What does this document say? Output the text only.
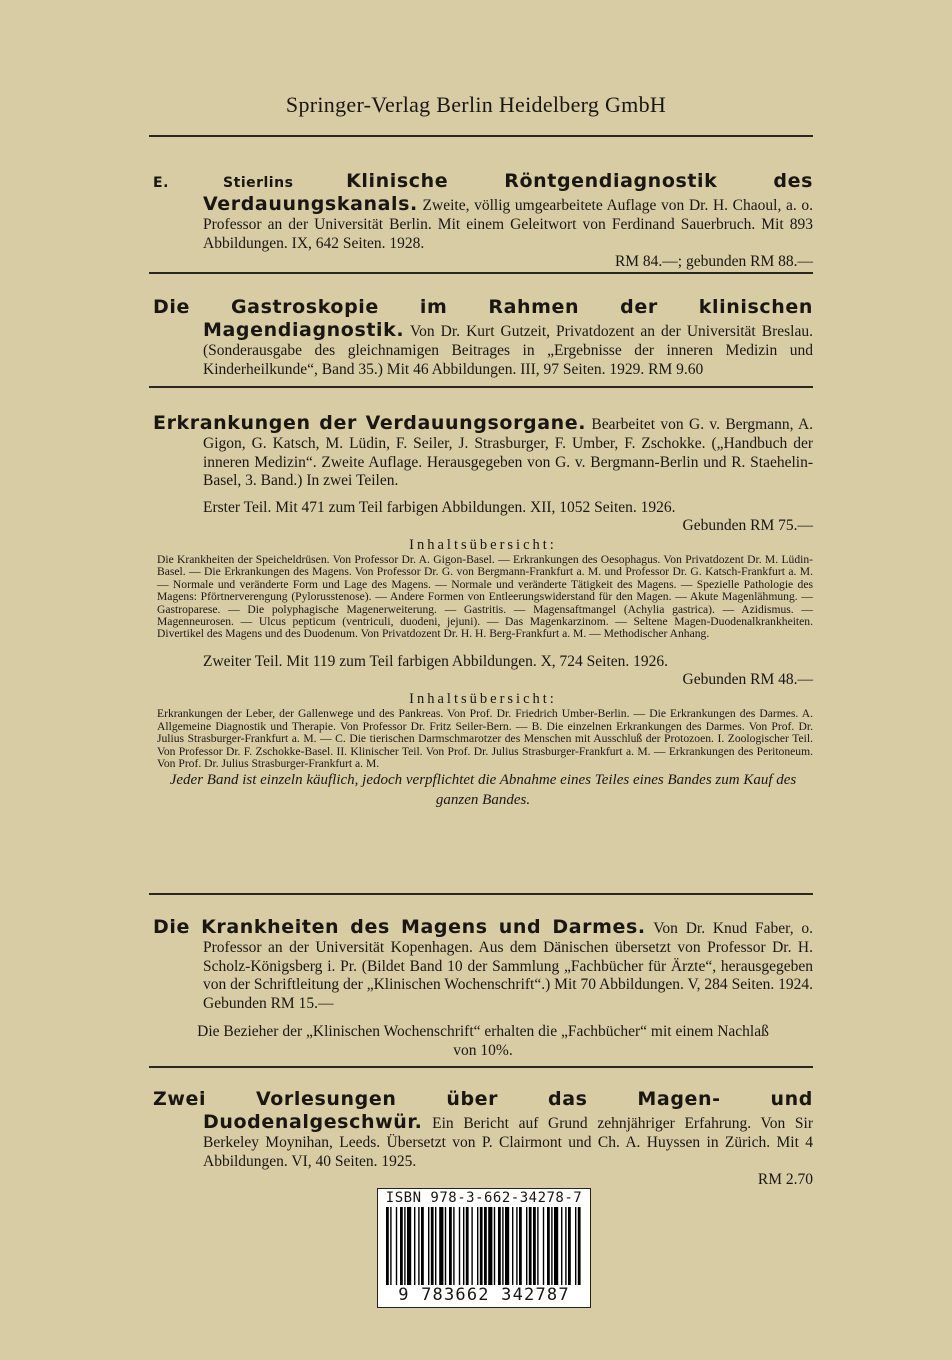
Springer-Verlag Berlin Heidelberg GmbH

E. Stierlins	Klinische Röntgendiagnostik des Verdauungskanals. Zweite, völlig umgearbeitete Auflage von Dr. H. Chaoul, a. o. Professor an der Universität Berlin. Mit einem Geleitwort von Ferdinand Sauerbruch. Mit 893 Abbildungen. IX, 642 Seiten. 1928.

RM 84.—; gebunden RM 88.—

Die Gastroskopie im Rahmen der klinischen Magendiagnostik. Von Dr. Kurt Gutzeit, Privatdozent an der Universität Breslau. (Sonderausgabe des gleichnamigen Beitrages in „Ergebnisse der inneren Medizin und Kinderheilkunde“, Band 35.) Mit 46 Abbildungen. III, 97 Seiten. 1929. RM 9.60

Erkrankungen der Verdauungsorgane. Bearbeitet von G. v. Bergmann, A. Gigon, G. Katsch, M. Lüdin, F. Seiler, J. Strasburger, F. Umber, F. Zschokke. („Handbuch der inneren Medizin“. Zweite Auflage. Herausgegeben von G. v. Bergmann-Berlin und R. Staehelin-Basel, 3. Band.) In zwei Teilen.

Erster Teil. Mit 471 zum Teil farbigen Abbildungen. XII, 1052 Seiten. 1926.

Gebunden RM 75.—

Inhaltsübersicht:

Die Krankheiten der Speicheldrüsen. Von Professor Dr. A. Gigon-Basel. — Erkrankungen des Oesophagus. Von Privatdozent Dr. M. Lüdin-Basel. — Die Erkrankungen des Magens. Von Professor Dr. G. von Bergmann-Frankfurt a. M. und Professor Dr. G. Katsch-Frankfurt a. M. — Normale und veränderte Form und Lage des Magens. — Normale und veränderte Tätigkeit des Magens. — Spezielle Pathologie des Magens: Pförtnerverengung (Pylorusstenose). — Andere Formen von Entleerungswiderstand für den Magen. — Akute Magenlähmung. — Gastroparese. — Die polyphagische Magenerweiterung. — Gastritis. — Magensaftmangel (Achylia gastrica). — Azidismus. — Magenneurosen. — Ulcus pepticum (ventriculi, duodeni, jejuni). — Das Magenkarzinom. — Seltene Magen-Duodenalkrankheiten. Divertikel des Magens und des Duodenum. Von Privatdozent Dr. H. H. Berg-Frankfurt a. M. — Methodischer Anhang.

Zweiter Teil. Mit 119 zum Teil farbigen Abbildungen. X, 724 Seiten. 1926.

Gebunden RM 48.—

Inhaltsübersicht:

Erkrankungen der Leber, der Gallenwege und des Pankreas. Von Prof. Dr. Friedrich Umber-Berlin. — Die Erkrankungen des Darmes. A. Allgemeine Diagnostik und Therapie. Von Professor Dr. Fritz Seiler-Bern. — B. Die einzelnen Erkrankungen des Darmes. Von Prof. Dr. Julius Strasburger-Frankfurt a. M. — C. Die tierischen Darmschmarotzer des Menschen mit Ausschluß der Protozoen. I. Zoologischer Teil. Von Professor Dr. F. Zschokke-Basel. II. Klinischer Teil. Von Prof. Dr. Julius Strasburger-Frankfurt a. M. — Erkrankungen des Peritoneum. Von Prof. Dr. Julius Strasburger-Frankfurt a. M.

Jeder Band ist einzeln käuflich, jedoch verpflichtet die Abnahme eines Teiles eines Bandes zum Kauf des ganzen Bandes.

Die Krankheiten des Magens und Darmes. Von Dr. Knud Faber, o. Professor an der Universität Kopenhagen. Aus dem Dänischen übersetzt von Professor Dr. H. Scholz-Königsberg i. Pr. (Bildet Band 10 der Sammlung „Fachbücher für Ärzte“, herausgegeben von der Schriftleitung der „Klinischen Wochenschrift“.) Mit 70 Abbildungen. V, 284 Seiten. 1924. Gebunden RM 15.—

Die Bezieher der „Klinischen Wochenschrift“ erhalten die „Fachbücher“ mit einem Nachlaß von 10%.

Zwei Vorlesungen über das Magen- und Duodenalgeschwür. Ein Bericht auf Grund zehnjähriger Erfahrung. Von Sir Berkeley Moynihan, Leeds. Übersetzt von P. Clairmont und Ch. A. Huyssen in Zürich. Mit 4 Abbildungen. VI, 40 Seiten. 1925.

RM 2.70

ISBN 978-3-662-34278-7
9 783662 342787
